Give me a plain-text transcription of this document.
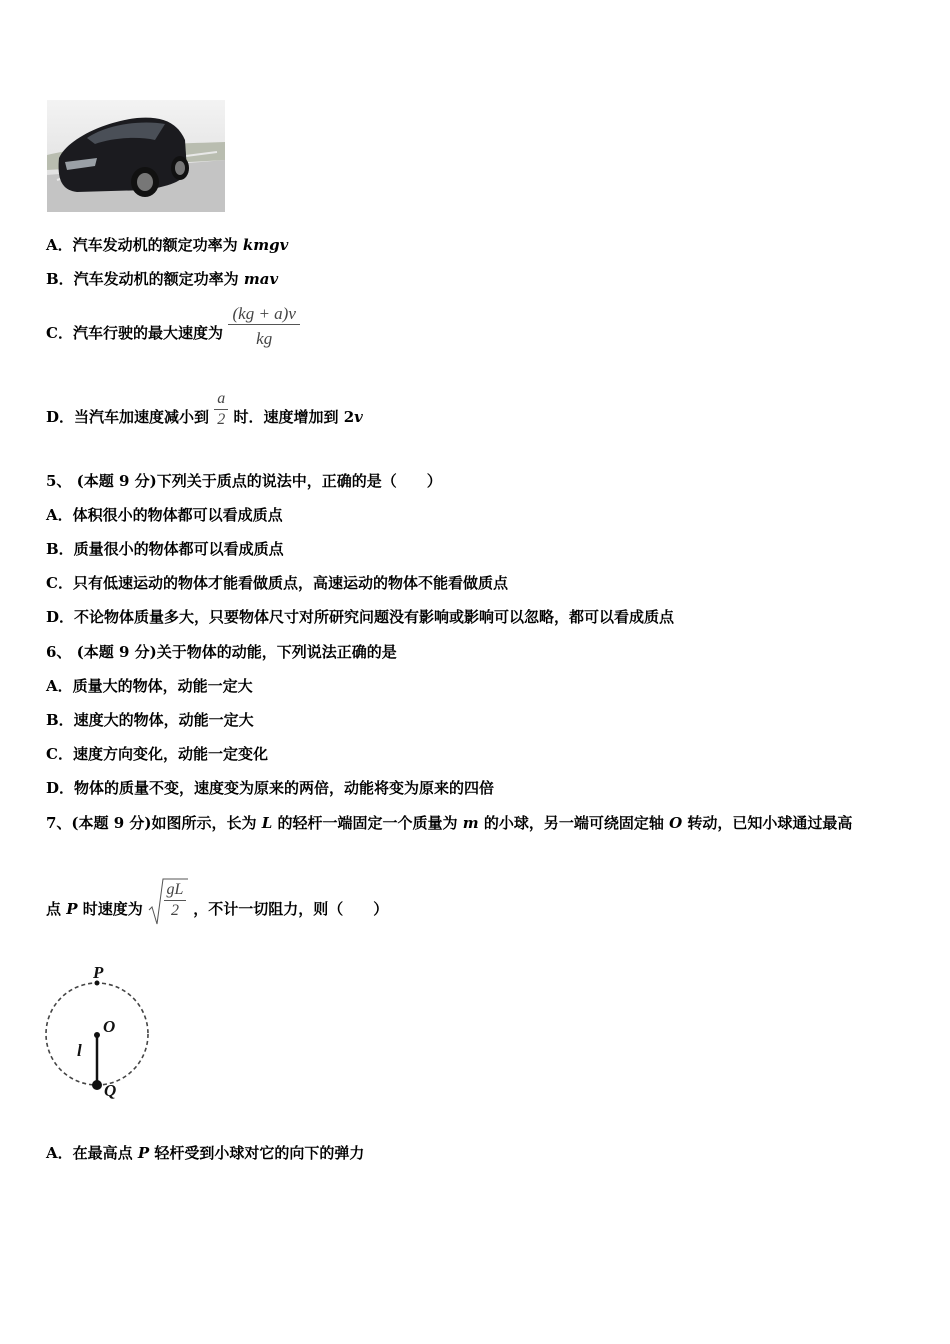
A．汽车发动机的额定功率为 kmgv
B．汽车发动机的额定功率为 mav
C．汽车行驶的最大速度为 $\frac{(kg + a)v}{kg}$
D．当汽车加速度减小到 $\frac{a}{2}$ 时．速度增加到 2v
5、 (本题 9 分)下列关于质点的说法中，正确的是（　　）
A．体积很小的物体都可以看成质点
B．质量很小的物体都可以看成质点
C．只有低速运动的物体才能看做质点，高速运动的物体不能看做质点
D．不论物体质量多大，只要物体尺寸对所研究问题没有影响或影响可以忽略，都可以看成质点
6、 (本题 9 分)关于物体的动能，下列说法正确的是
A．质量大的物体，动能一定大
B．速度大的物体，动能一定大
C．速度方向变化，动能一定变化
D．物体的质量不变，速度变为原来的两倍，动能将变为原来的四倍
7、(本题 9 分)如图所示，长为 L 的轻杆一端固定一个质量为 m 的小球，另一端可绕固定轴 O 转动，已知小球通过最高
点 P 时速度为 $\frac{gL}{2}$ ，不计一切阻力，则（　　）
P
O
l
Q
A．在最高点 P 轻杆受到小球对它的向下的弹力
